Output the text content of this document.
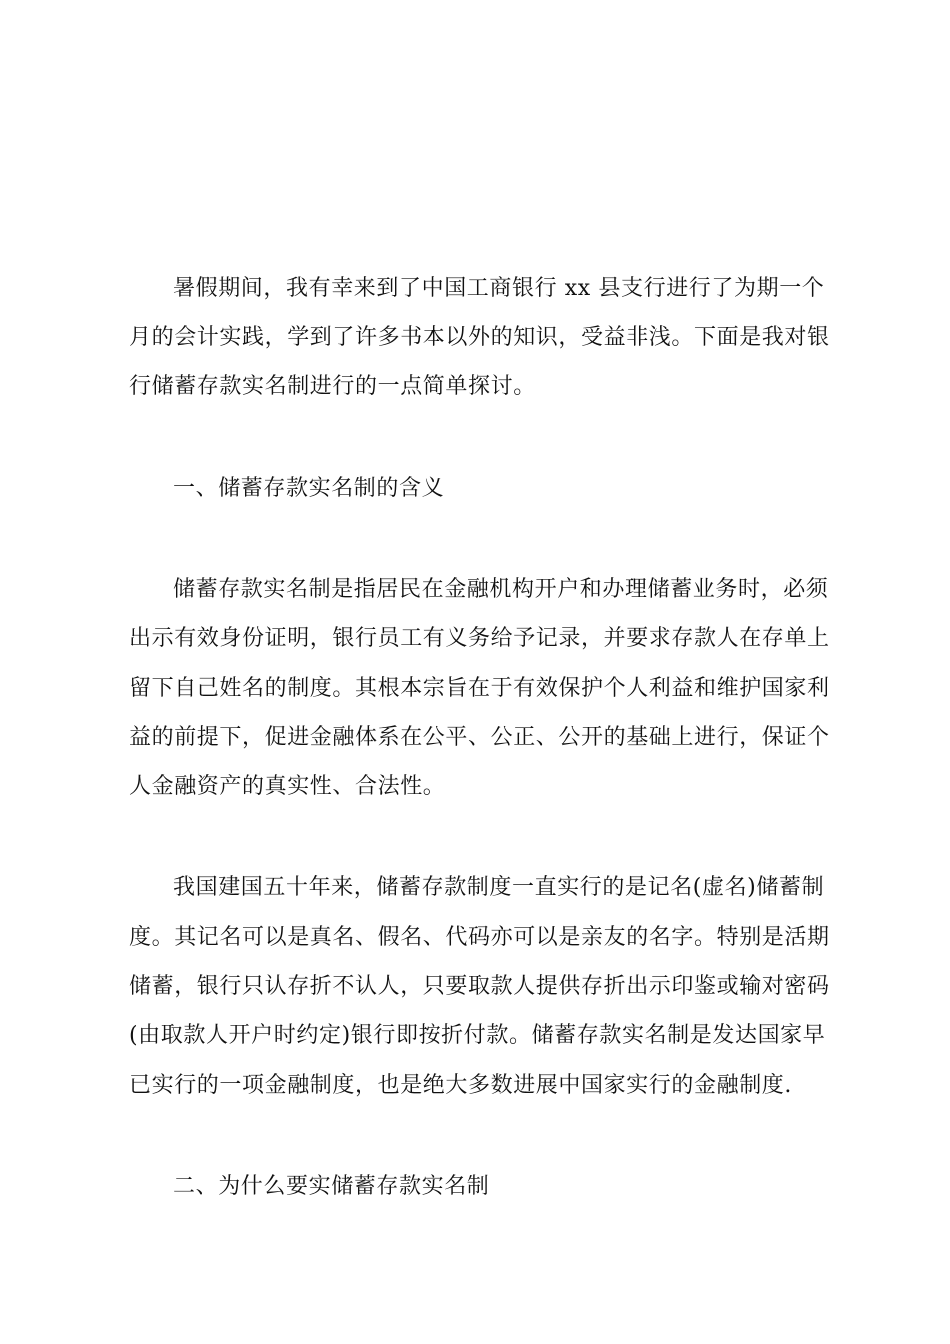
暑假期间，我有幸来到了中国工商银行 xx 县支行进行了为期一个
月的会计实践，学到了许多书本以外的知识，受益非浅。下面是我对银
行储蓄存款实名制进行的一点简单探讨。
一、储蓄存款实名制的含义
储蓄存款实名制是指居民在金融机构开户和办理储蓄业务时，必须
出示有效身份证明，银行员工有义务给予记录，并要求存款人在存单上
留下自己姓名的制度。其根本宗旨在于有效保护个人利益和维护国家利
益的前提下，促进金融体系在公平、公正、公开的基础上进行，保证个
人金融资产的真实性、合法性。
我国建国五十年来，储蓄存款制度一直实行的是记名(虚名)储蓄制
度。其记名可以是真名、假名、代码亦可以是亲友的名字。特别是活期
储蓄，银行只认存折不认人，只要取款人提供存折出示印鉴或输对密码
(由取款人开户时约定)银行即按折付款。储蓄存款实名制是发达国家早
已实行的一项金融制度，也是绝大多数进展中国家实行的金融制度.
二、为什么要实储蓄存款实名制
